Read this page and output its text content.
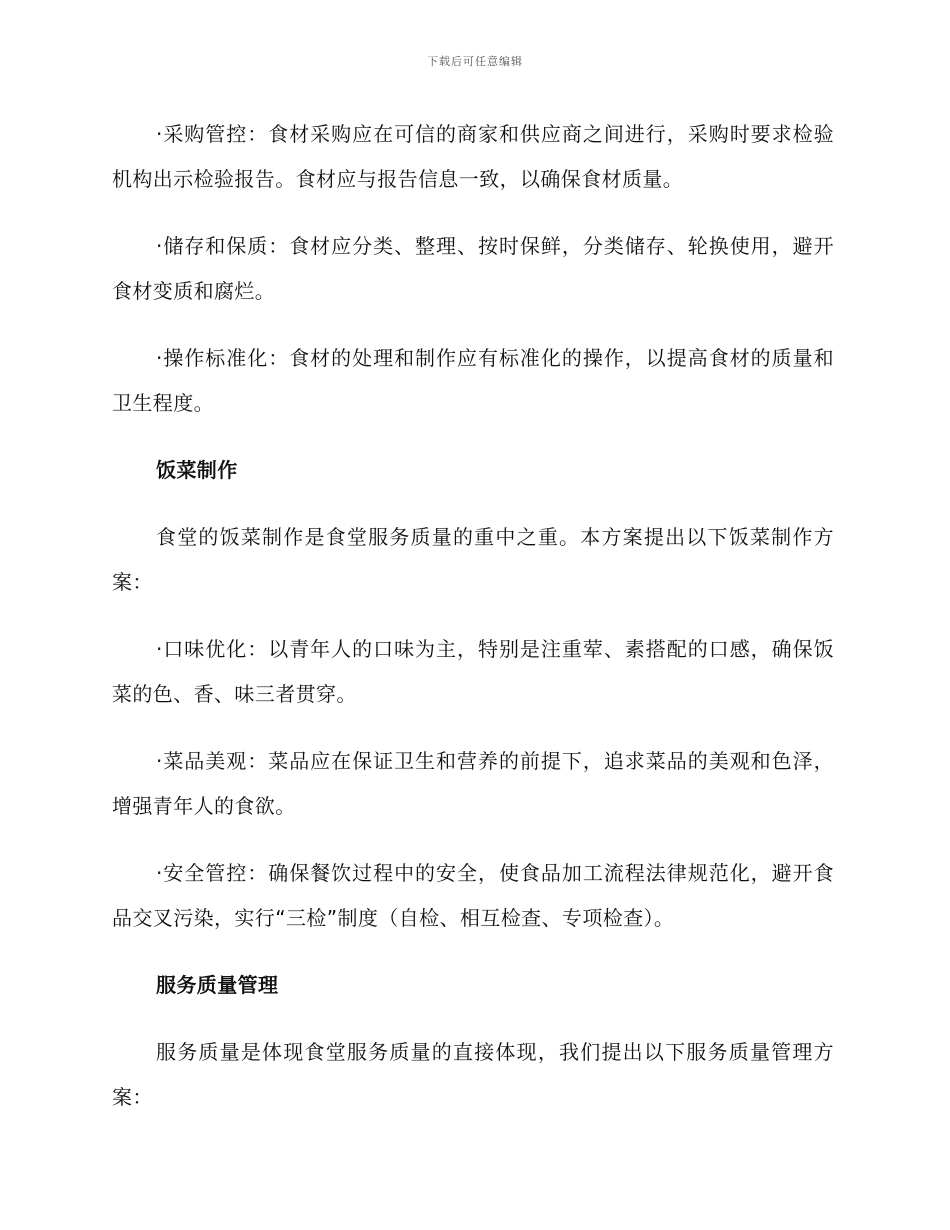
下载后可任意编辑

·采购管控：食材采购应在可信的商家和供应商之间进行，采购时要求检验机构出示检验报告。食材应与报告信息一致，以确保食材质量。

·储存和保质：食材应分类、整理、按时保鲜，分类储存、轮换使用，避开食材变质和腐烂。

·操作标准化：食材的处理和制作应有标准化的操作，以提高食材的质量和卫生程度。

饭菜制作

食堂的饭菜制作是食堂服务质量的重中之重。本方案提出以下饭菜制作方案：

·口味优化：以青年人的口味为主，特别是注重荤、素搭配的口感，确保饭菜的色、香、味三者贯穿。

·菜品美观：菜品应在保证卫生和营养的前提下，追求菜品的美观和色泽，增强青年人的食欲。

·安全管控：确保餐饮过程中的安全，使食品加工流程法律规范化，避开食品交叉污染，实行“三检”制度（自检、相互检查、专项检查）。

服务质量管理

服务质量是体现食堂服务质量的直接体现，我们提出以下服务质量管理方案：
